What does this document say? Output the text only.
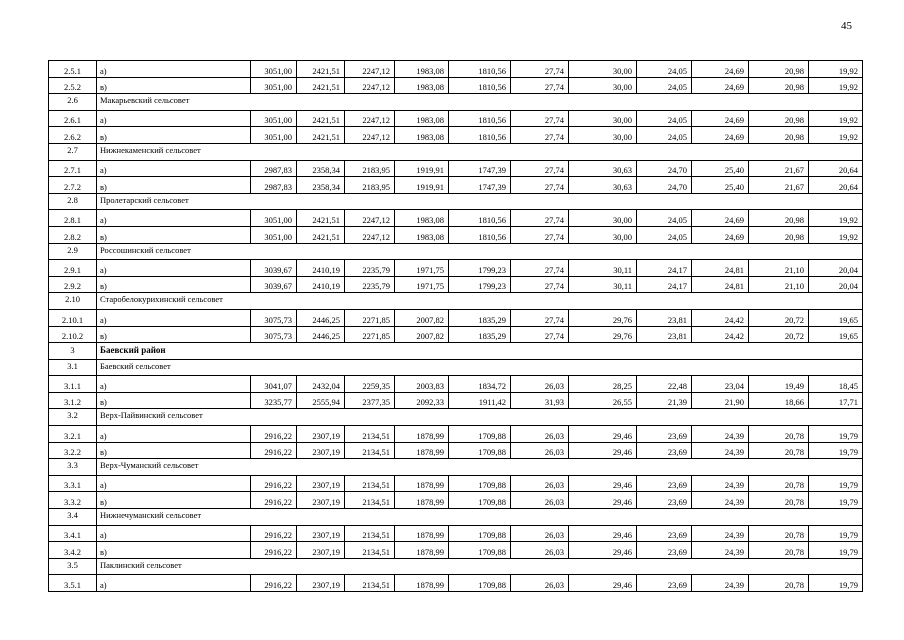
45
2.5.1	а)	3051,00	2421,51	2247,12	1983,08	1810,56	27,74	30,00	24,05	24,69	20,98	19,92
2.5.2	в)	3051,00	2421,51	2247,12	1983,08	1810,56	27,74	30,00	24,05	24,69	20,98	19,92
2.6	Макарьевский сельсовет											
2.6.1	а)	3051,00	2421,51	2247,12	1983,08	1810,56	27,74	30,00	24,05	24,69	20,98	19,92
2.6.2	в)	3051,00	2421,51	2247,12	1983,08	1810,56	27,74	30,00	24,05	24,69	20,98	19,92
2.7	Нижнекаменский сельсовет											
2.7.1	а)	2987,83	2358,34	2183,95	1919,91	1747,39	27,74	30,63	24,70	25,40	21,67	20,64
2.7.2	в)	2987,83	2358,34	2183,95	1919,91	1747,39	27,74	30,63	24,70	25,40	21,67	20,64
2.8	Пролетарский сельсовет											
2.8.1	а)	3051,00	2421,51	2247,12	1983,08	1810,56	27,74	30,00	24,05	24,69	20,98	19,92
2.8.2	в)	3051,00	2421,51	2247,12	1983,08	1810,56	27,74	30,00	24,05	24,69	20,98	19,92
2.9	Россошинский сельсовет											
2.9.1	а)	3039,67	2410,19	2235,79	1971,75	1799,23	27,74	30,11	24,17	24,81	21,10	20,04
2.9.2	в)	3039,67	2410,19	2235,79	1971,75	1799,23	27,74	30,11	24,17	24,81	21,10	20,04
2.10	Старобелокурихинский сельсовет											
2.10.1	а)	3075,73	2446,25	2271,85	2007,82	1835,29	27,74	29,76	23,81	24,42	20,72	19,65
2.10.2	в)	3075,73	2446,25	2271,85	2007,82	1835,29	27,74	29,76	23,81	24,42	20,72	19,65
3	Баевский район											
3.1	Баевский сельсовет											
3.1.1	а)	3041,07	2432,04	2259,35	2003,83	1834,72	26,03	28,25	22,48	23,04	19,49	18,45
3.1.2	в)	3235,77	2555,94	2377,35	2092,33	1911,42	31,93	26,55	21,39	21,90	18,66	17,71
3.2	Верх-Пайвинский сельсовет											
3.2.1	а)	2916,22	2307,19	2134,51	1878,99	1709,88	26,03	29,46	23,69	24,39	20,78	19,79
3.2.2	в)	2916,22	2307,19	2134,51	1878,99	1709,88	26,03	29,46	23,69	24,39	20,78	19,79
3.3	Верх-Чуманский сельсовет											
3.3.1	а)	2916,22	2307,19	2134,51	1878,99	1709,88	26,03	29,46	23,69	24,39	20,78	19,79
3.3.2	в)	2916,22	2307,19	2134,51	1878,99	1709,88	26,03	29,46	23,69	24,39	20,78	19,79
3.4	Нижнечуманский сельсовет											
3.4.1	а)	2916,22	2307,19	2134,51	1878,99	1709,88	26,03	29,46	23,69	24,39	20,78	19,79
3.4.2	в)	2916,22	2307,19	2134,51	1878,99	1709,88	26,03	29,46	23,69	24,39	20,78	19,79
3.5	Паклинский сельсовет											
3.5.1	а)	2916,22	2307,19	2134,51	1878,99	1709,88	26,03	29,46	23,69	24,39	20,78	19,79
